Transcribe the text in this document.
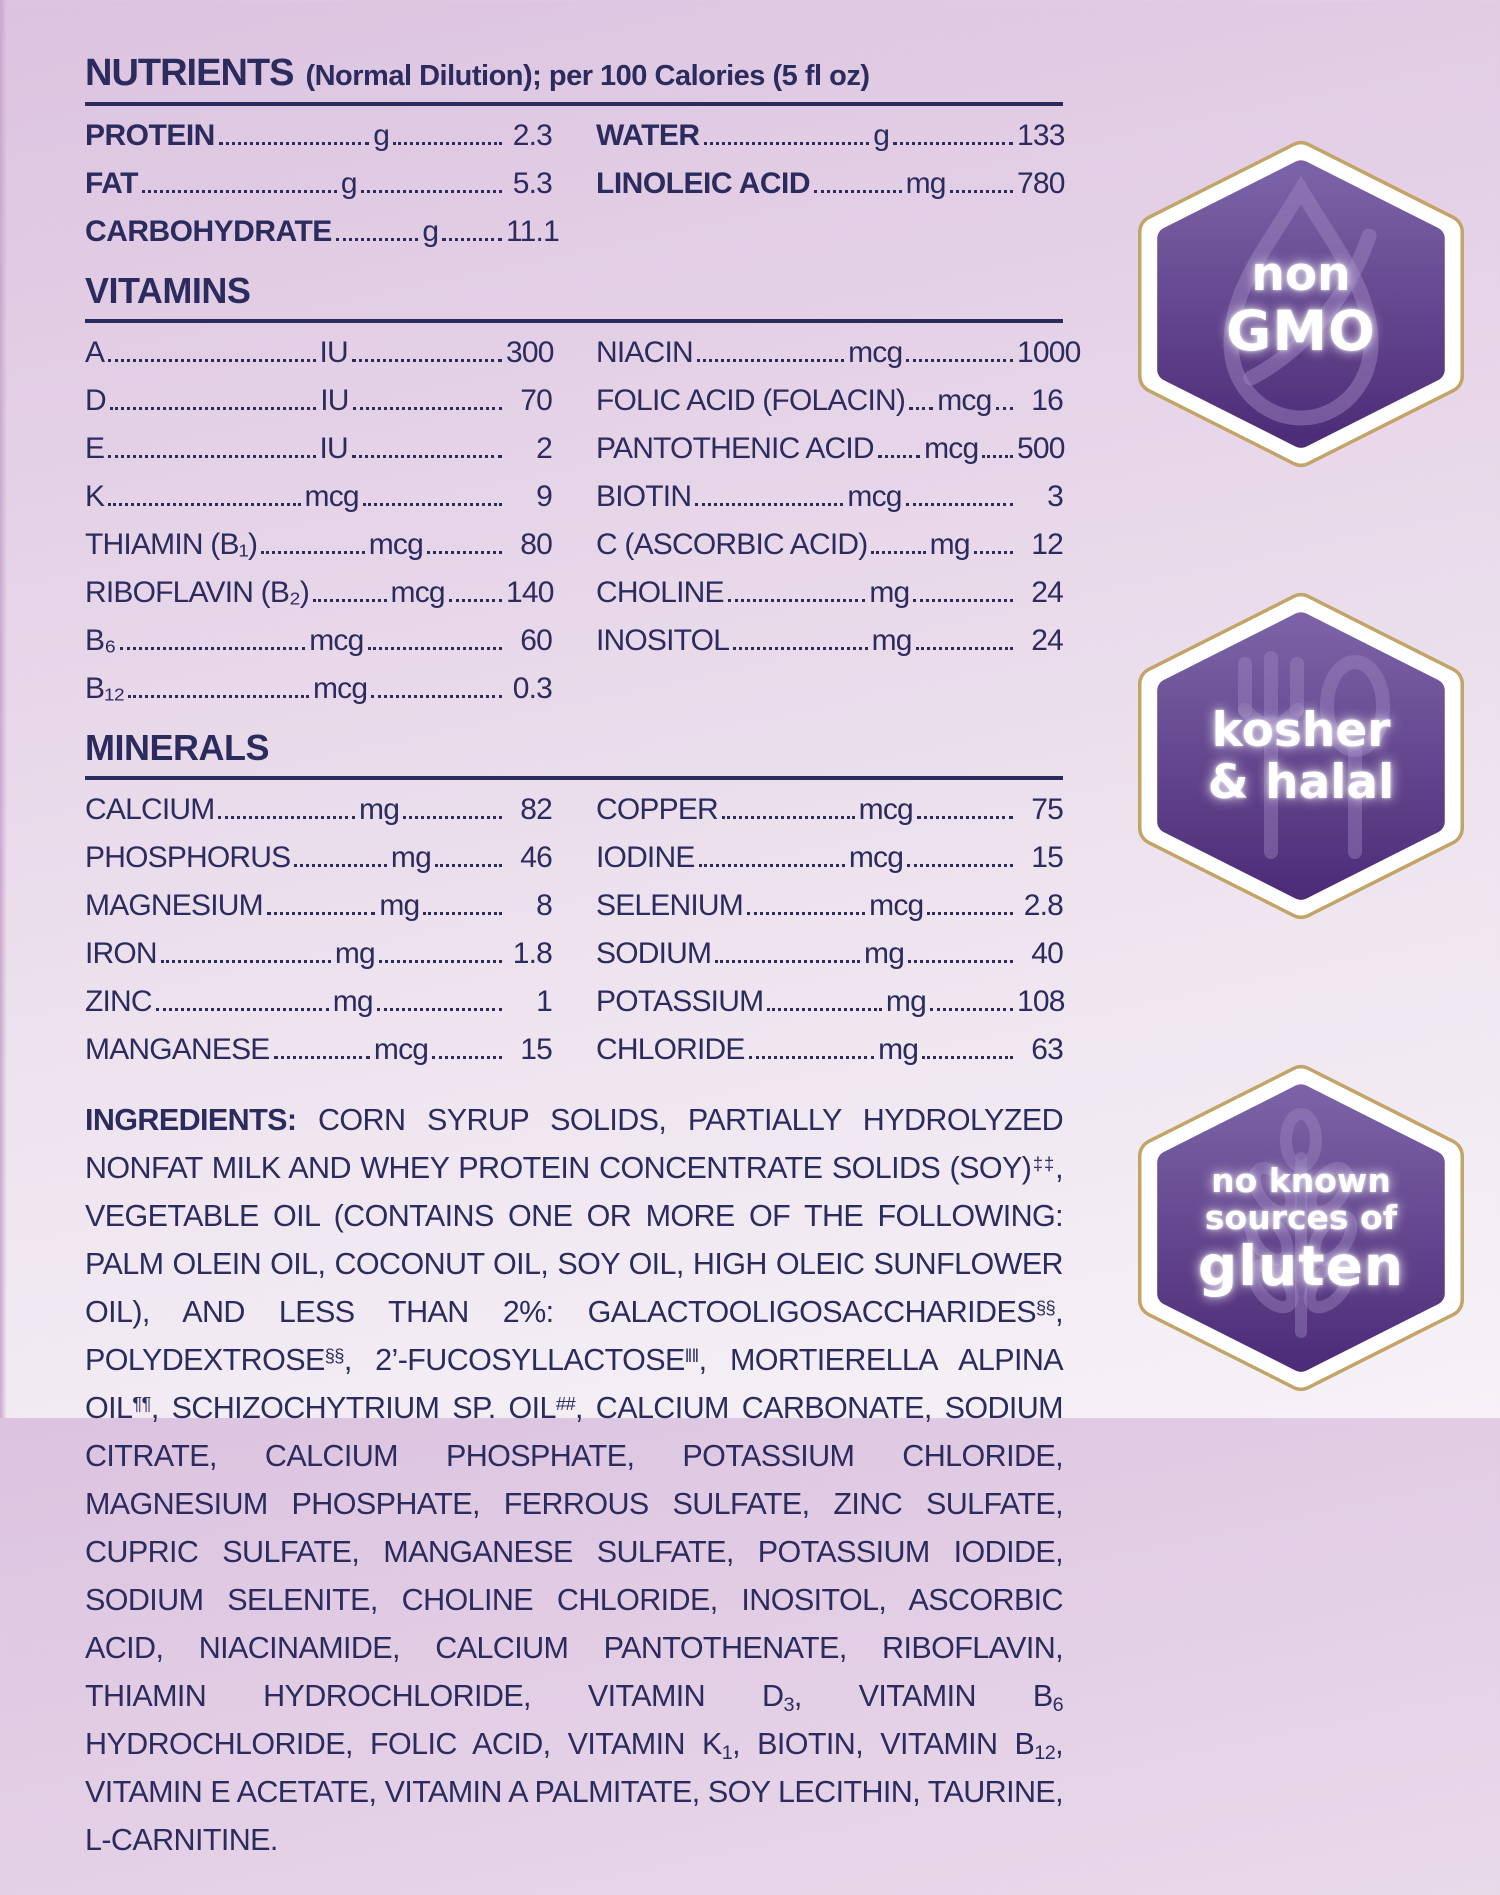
NUTRIENTS (Normal Dilution); per 100 Calories (5 fl oz)
PROTEIN	g	2.3
FAT	g	5.3
CARBOHYDRATE	g 11.1
WATER	g	133
LINOLEIC ACID	mg 780
VITAMINS
A	IU	300
D	IU	70
E	IU	2
K	mcg	9
THIAMIN (B₁)	mcg	80
RIBOFLAVIN (B₂)	mcg 140
B₆	mcg	60
B₁₂	mcg	0.3
NIACIN	mcg	1000
FOLIC ACID (FOLACIN) mcg	16
PANTOTHENIC ACID mcg 500
BIOTIN	mcg	3
C (ASCORBIC ACID) mg	12
CHOLINE	mg	24
INOSITOL	mg	24
MINERALS
CALCIUM	mg	82
PHOSPHORUS	mg	46
MAGNESIUM	mg	8
IRON	mg	1.8
ZINC	mg	1
MANGANESE	mcg	15
COPPER	mcg	75
IODINE	mcg	15
SELENIUM	mcg	2.8
SODIUM	mg	40
POTASSIUM	mg	108
CHLORIDE	mg	63

INGREDIENTS: CORN SYRUP SOLIDS, PARTIALLY HYDROLYZED NONFAT MILK AND WHEY PROTEIN CONCENTRATE SOLIDS (SOY)‡‡, VEGETABLE OIL (CONTAINS ONE OR MORE OF THE FOLLOWING: PALM OLEIN OIL, COCONUT OIL, SOY OIL, HIGH OLEIC SUNFLOWER OIL), AND LESS THAN 2%: GALACTOOLIGOSACCHARIDES§§, POLYDEXTROSE§§, 2’-FUCOSYLLACTOSE‖‖, MORTIERELLA ALPINA OIL¶¶, SCHIZOCHYTRIUM SP. OIL##, CALCIUM CARBONATE, SODIUM CITRATE, CALCIUM PHOSPHATE, POTASSIUM CHLORIDE, MAGNESIUM PHOSPHATE, FERROUS SULFATE, ZINC SULFATE, CUPRIC SULFATE, MANGANESE SULFATE, POTASSIUM IODIDE, SODIUM SELENITE, CHOLINE CHLORIDE, INOSITOL, ASCORBIC ACID, NIACINAMIDE, CALCIUM PANTOTHENATE, RIBOFLAVIN, THIAMIN HYDROCHLORIDE, VITAMIN $D_3$, VITAMIN $B_6$ HYDROCHLORIDE, FOLIC ACID, VITAMIN $K_1$, BIOTIN, VITAMIN $B_{12}$, VITAMIN E ACETATE, VITAMIN A PALMITATE, SOY LECITHIN, TAURINE, L-CARNITINE.

non
GMO
kosher
& halal
no known
sources of
gluten
